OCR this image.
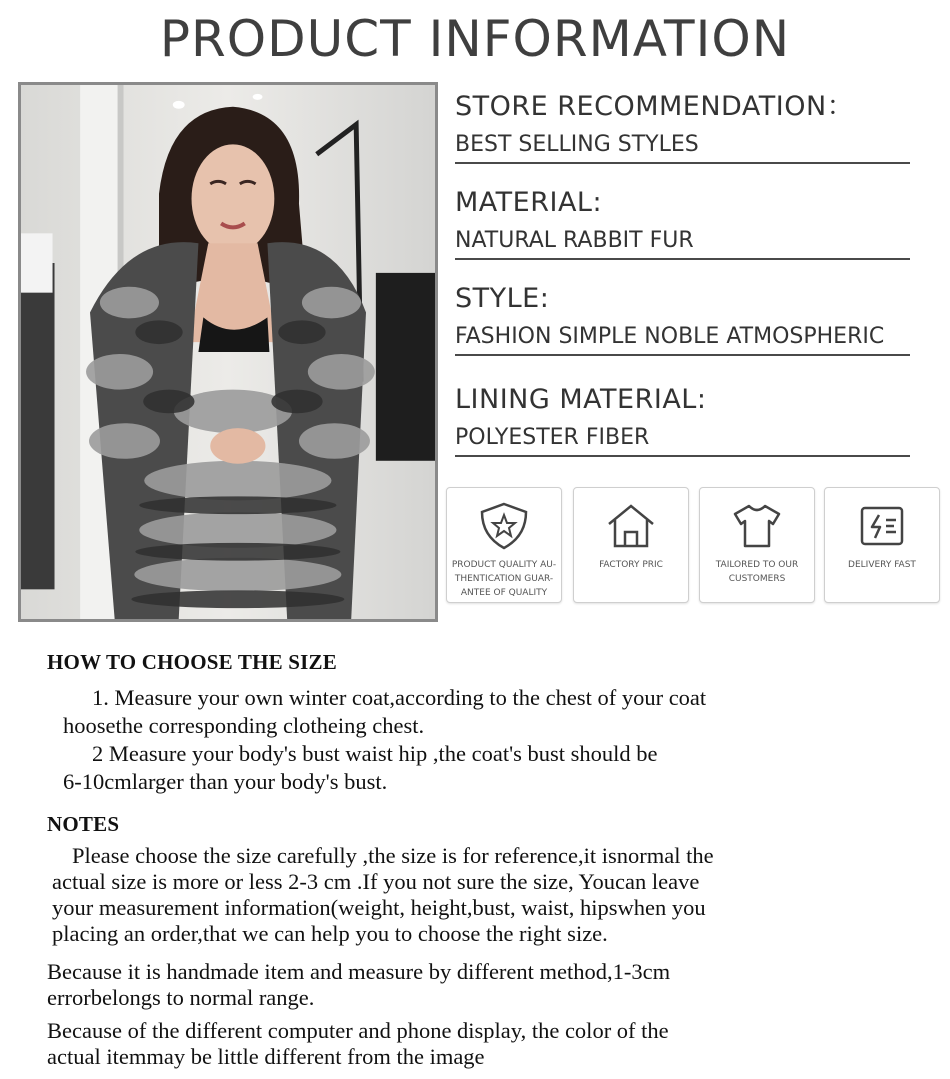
PRODUCT INFORMATION
STORE RECOMMENDATION：
BEST SELLING STYLES
MATERIAL:
NATURAL RABBIT FUR
STYLE:
FASHION SIMPLE NOBLE ATMOSPHERIC
LINING MATERIAL:
POLYESTER FIBER
PRODUCT QUALITY AU-
THENTICATION GUAR-
ANTEE OF QUALITY
FACTORY PRIC	TAILORED TO OUR
CUSTOMERS
DELIVERY FAST
HOW TO CHOOSE THE SIZE
1. Measure your own winter coat,according to the chest of your coat
hoosethe corresponding clotheing chest.
2 Measure your body's bust waist hip ,the coat's bust should be
6-10cmlarger than your body's bust.
NOTES
Please choose the size carefully ,the size is for reference,it isnormal the
actual size is more or less 2-3 cm .If you not sure the size, Youcan leave
your measurement information(weight, height,bust, waist, hipswhen you
placing an order,that we can help you to choose the right size.
Because it is handmade item and measure by different method,1-3cm
errorbelongs to normal range.
Because of the different computer and phone display, the color of the
actual itemmay be little different from the image
